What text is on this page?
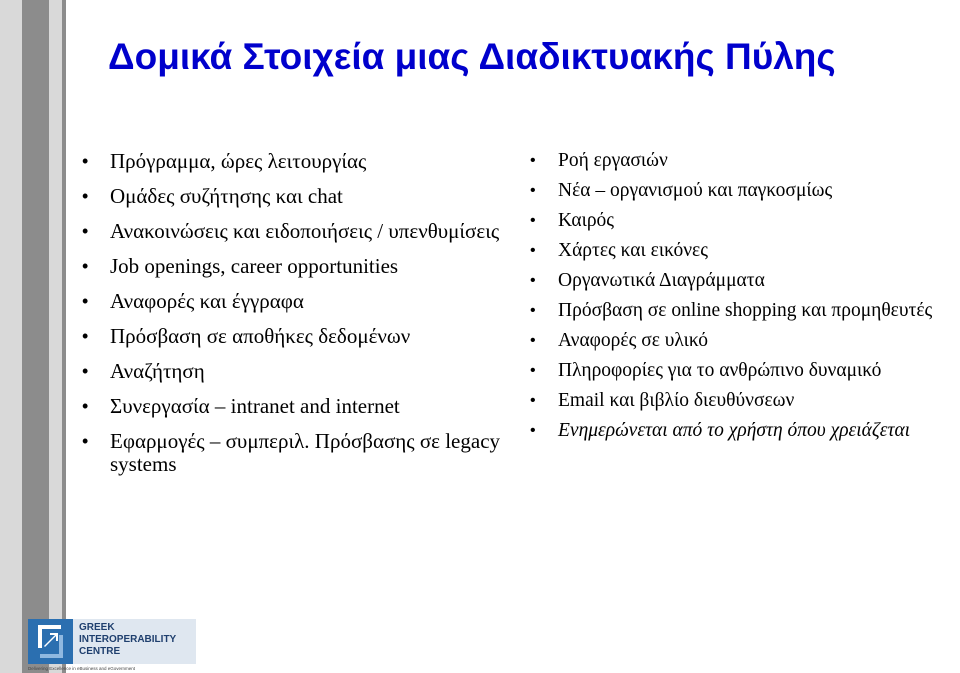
Δομικά Στοιχεία μιας Διαδικτυακής Πύλης
• Πρόγραμμα, ώρες λειτουργίας
• Ομάδες συζήτησης και chat
• Ανακοινώσεις και ειδοποιήσεις / υπενθυμίσεις
• Job openings, career opportunities
• Αναφορές και έγγραφα
• Πρόσβαση σε αποθήκες δεδομένων
• Αναζήτηση
• Συνεργασία – intranet and internet
• Εφαρμογές – συμπεριλ. Πρόσβασης σε legacy systems
• Ροή εργασιών
• Νέα – οργανισμού και παγκοσμίως
• Καιρός
• Χάρτες και εικόνες
• Οργανωτικά Διαγράμματα
• Πρόσβαση σε online shopping και προμηθευτές
• Αναφορές σε υλικό
• Πληροφορίες για το ανθρώπινο δυναμικό
• Email και βιβλίο διευθύνσεων
• Ενημερώνεται από το χρήστη όπου χρειάζεται
GREEK
INTEROPERABILITY
CENTRE
Delivering Excellence in eBusiness and eGovernment
